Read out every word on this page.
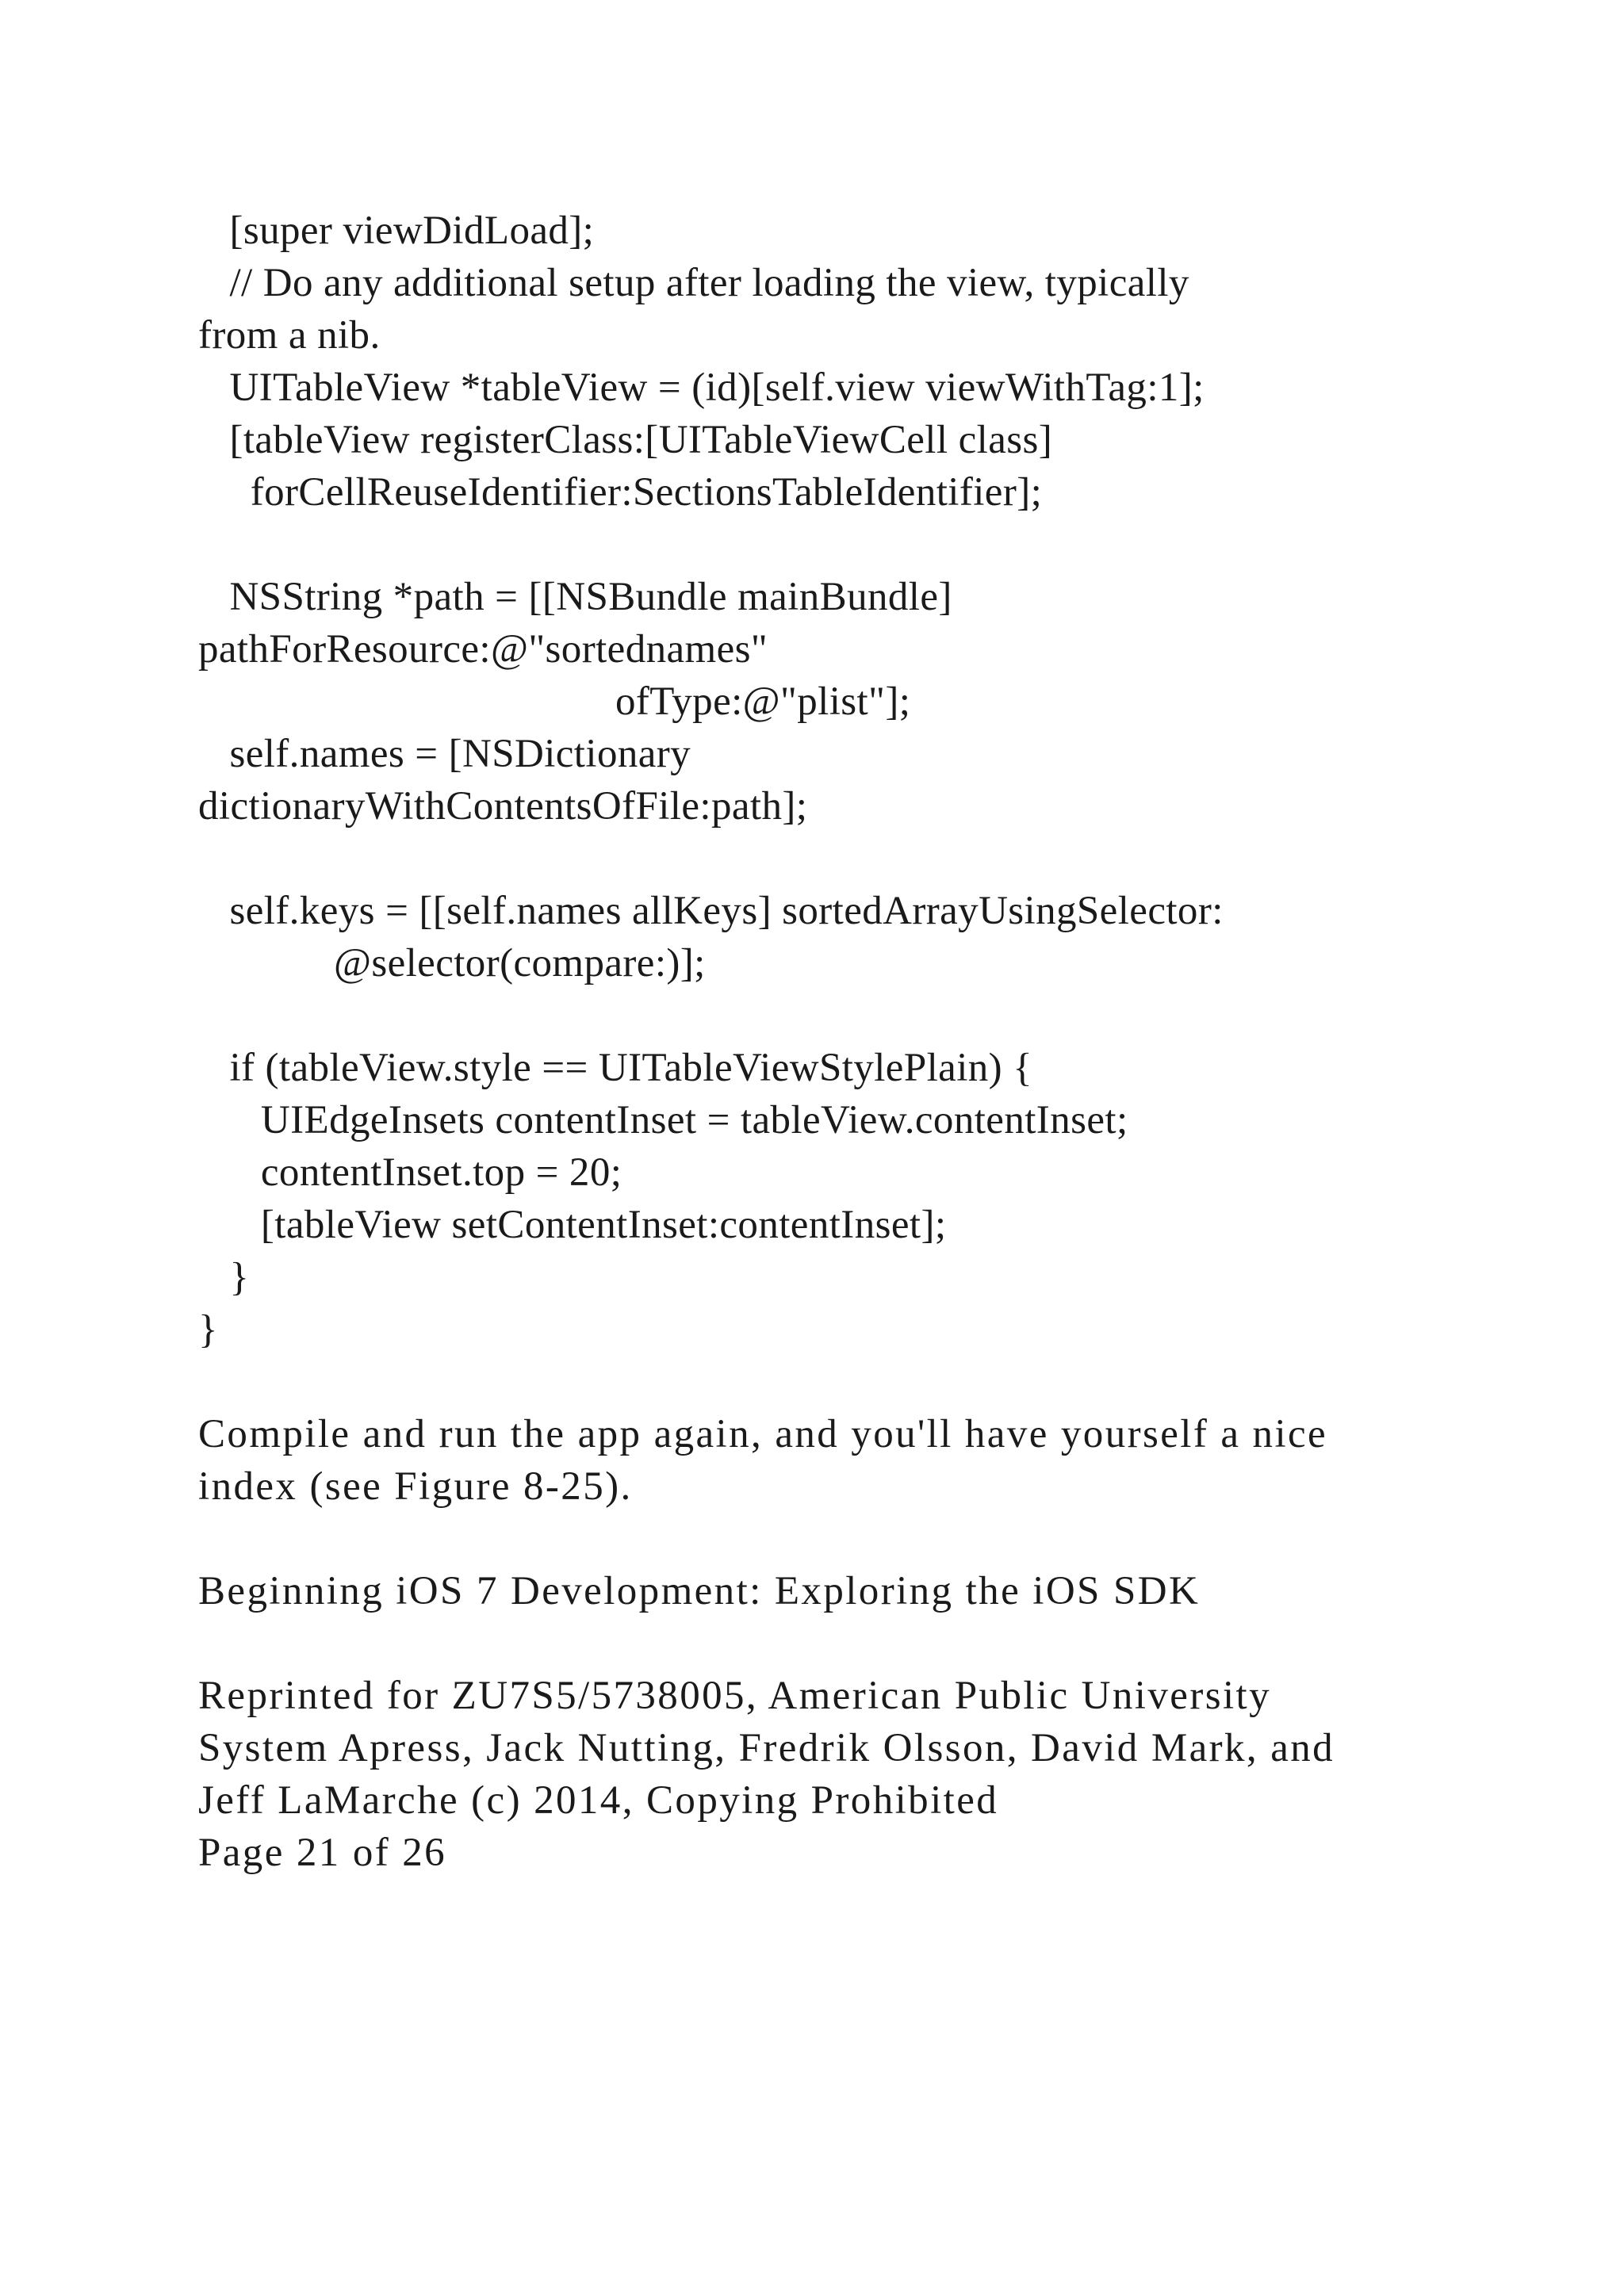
[super viewDidLoad];
// Do any additional setup after loading the view, typically
from a nib.
UITableView *tableView = (id)[self.view viewWithTag:1];
[tableView registerClass:[UITableViewCell class]
forCellReuseIdentifier:SectionsTableIdentifier];
NSString *path = [[NSBundle mainBundle]
pathForResource:@"sortednames"
ofType:@"plist"];
self.names = [NSDictionary
dictionaryWithContentsOfFile:path];
self.keys = [[self.names allKeys] sortedArrayUsingSelector:
@selector(compare:)];
if (tableView.style == UITableViewStylePlain) {
UIEdgeInsets contentInset = tableView.contentInset;
contentInset.top = 20;
[tableView setContentInset:contentInset];
}
}
Compile and run the app again, and you'll have yourself a nice
index (see Figure 8-25).
Beginning iOS 7 Development: Exploring the iOS SDK
Reprinted for ZU7S5/5738005, American Public University
System Apress, Jack Nutting, Fredrik Olsson, David Mark, and
Jeff LaMarche (c) 2014, Copying Prohibited
Page 21 of 26
